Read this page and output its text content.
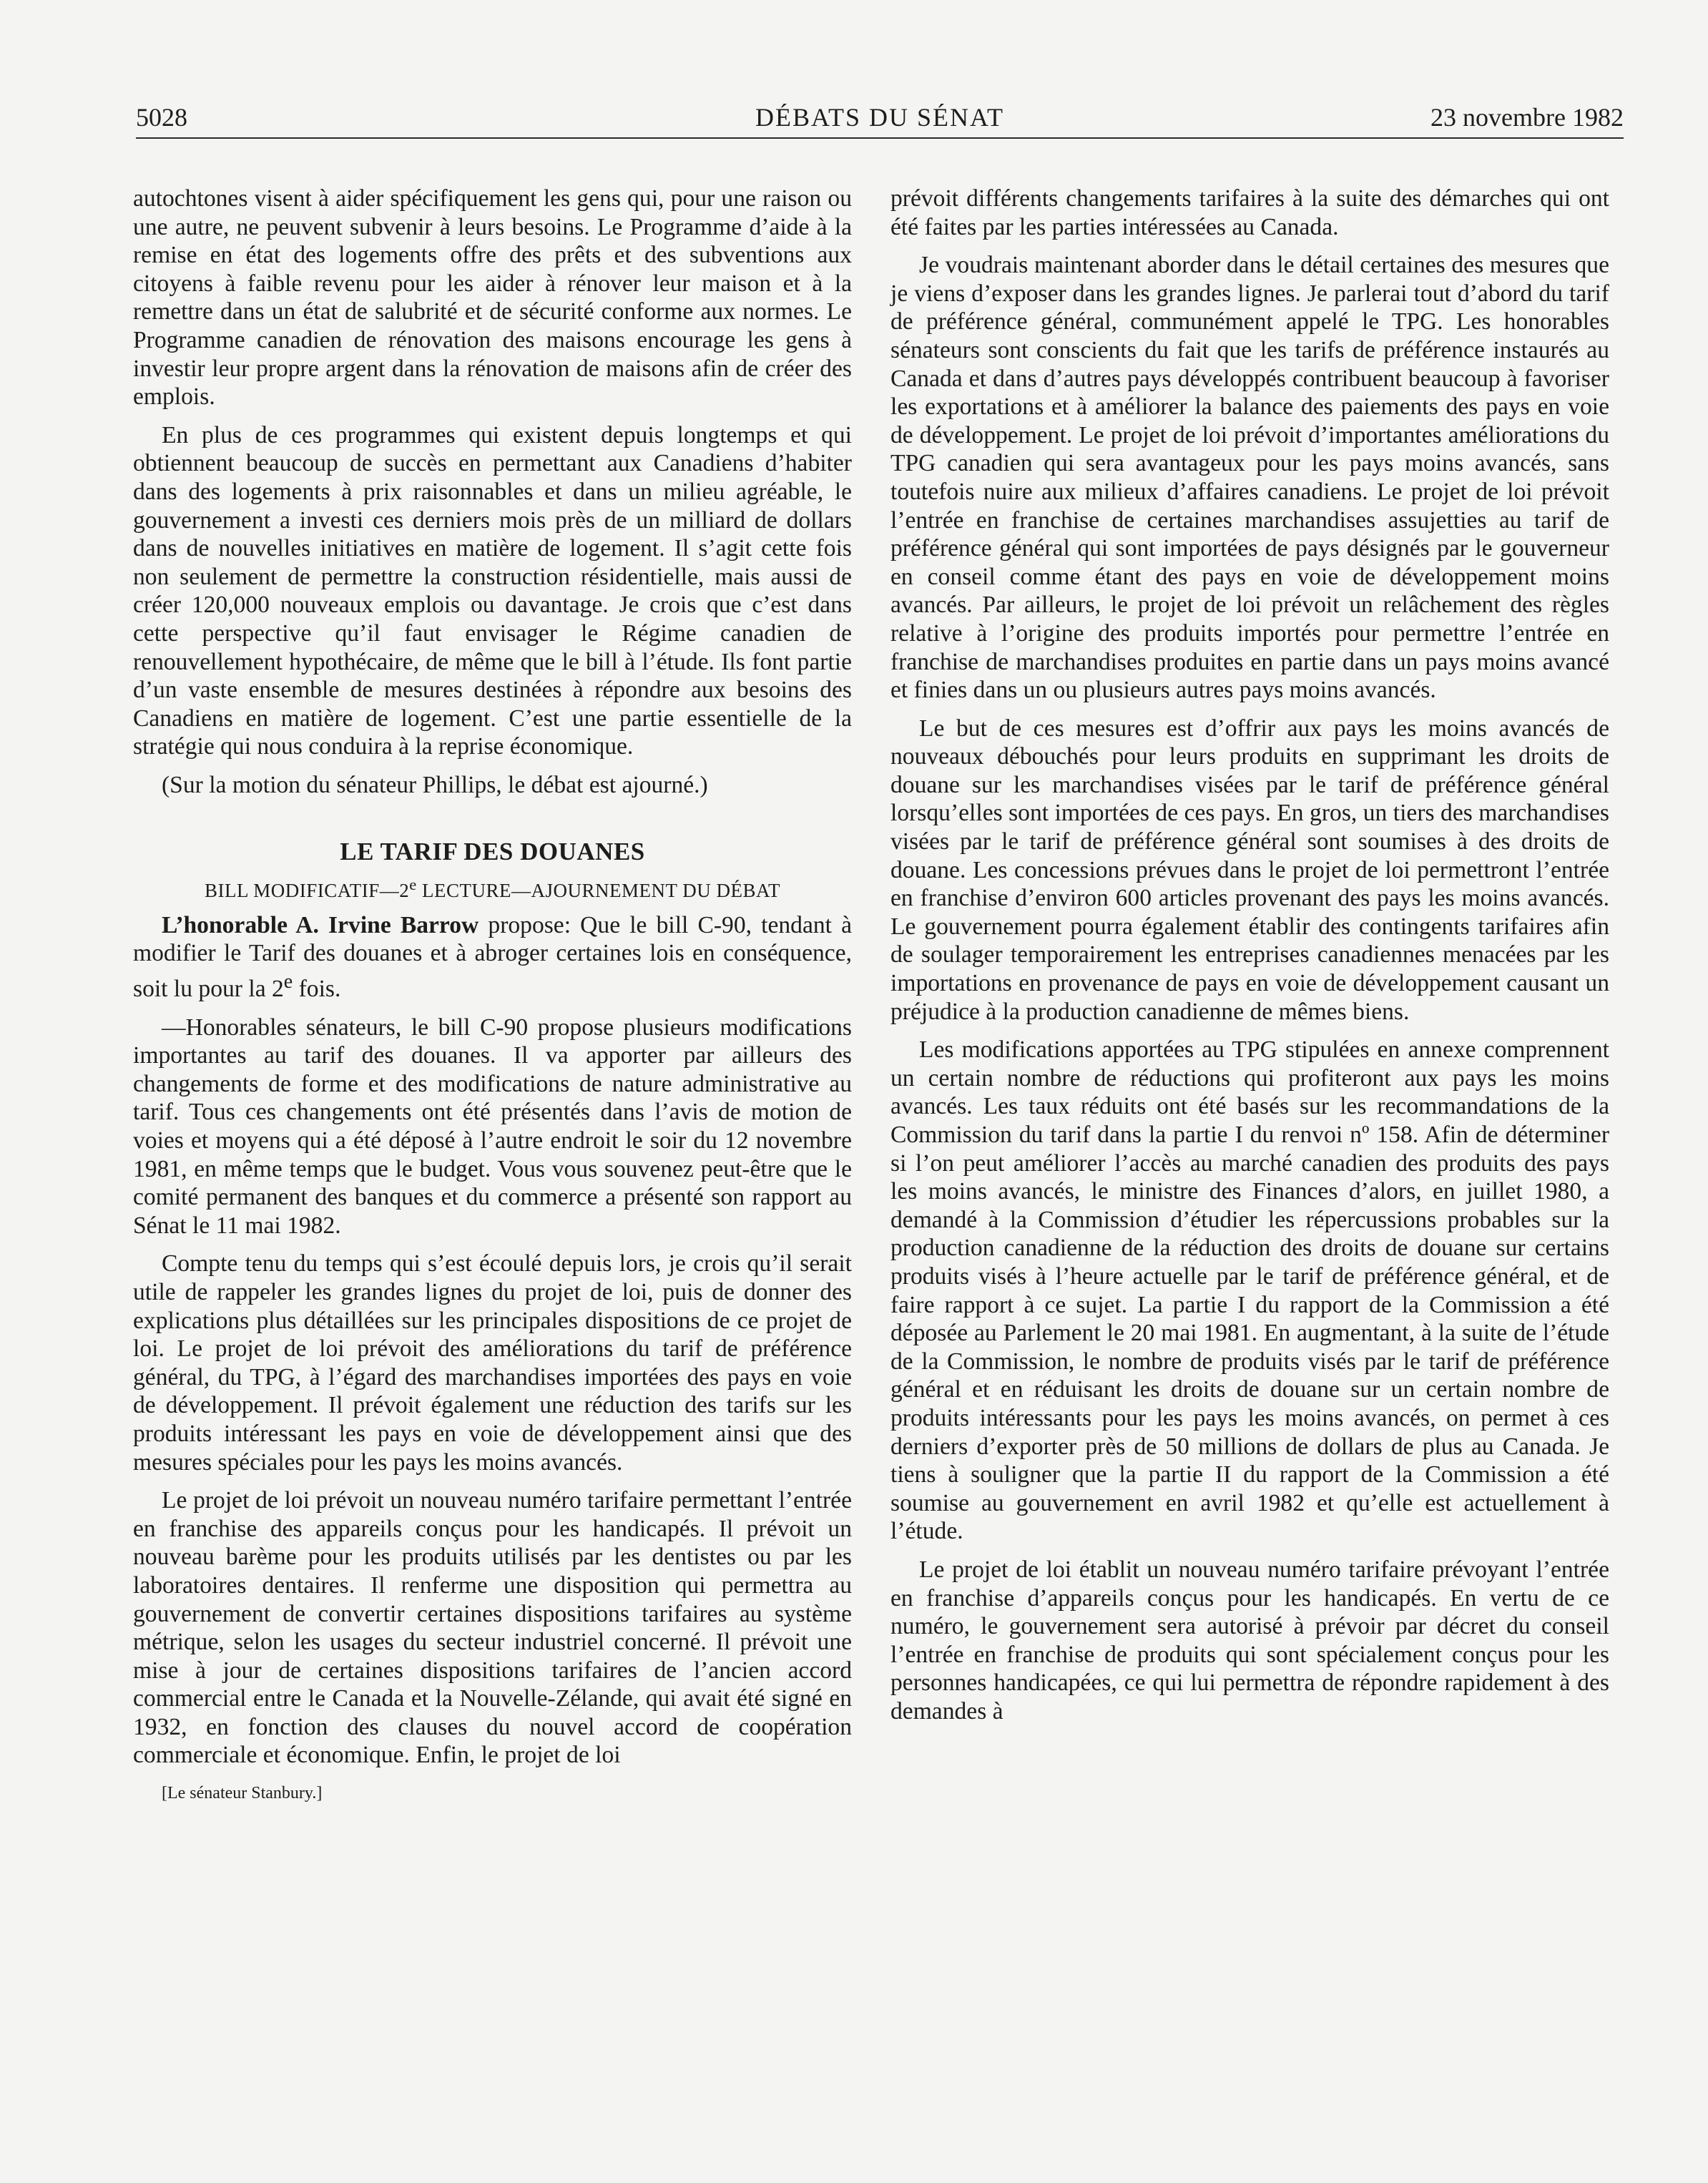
5028	DÉBATS DU SÉNAT	23 novembre 1982

autochtones visent à aider spécifiquement les gens qui, pour une raison ou une autre, ne peuvent subvenir à leurs besoins. Le Programme d’aide à la remise en état des logements offre des prêts et des subventions aux citoyens à faible revenu pour les aider à rénover leur maison et à la remettre dans un état de salubrité et de sécurité conforme aux normes. Le Programme canadien de rénovation des maisons encourage les gens à investir leur propre argent dans la rénovation de maisons afin de créer des emplois.

En plus de ces programmes qui existent depuis longtemps et qui obtiennent beaucoup de succès en permettant aux Canadiens d’habiter dans des logements à prix raisonnables et dans un milieu agréable, le gouvernement a investi ces derniers mois près de un milliard de dollars dans de nouvelles initiatives en matière de logement. Il s’agit cette fois non seulement de permettre la construction résidentielle, mais aussi de créer 120,000 nouveaux emplois ou davantage. Je crois que c’est dans cette perspective qu’il faut envisager le Régime canadien de renouvellement hypothécaire, de même que le bill à l’étude. Ils font partie d’un vaste ensemble de mesures destinées à répondre aux besoins des Canadiens en matière de logement. C’est une partie essentielle de la stratégie qui nous conduira à la reprise économique.

(Sur la motion du sénateur Phillips, le débat est ajourné.)

LE TARIF DES DOUANES
BILL MODIFICATIF—2e LECTURE—AJOURNEMENT DU DÉBAT

L’honorable A. Irvine Barrow propose: Que le bill C-90, tendant à modifier le Tarif des douanes et à abroger certaines lois en conséquence, soit lu pour la 2e fois.

—Honorables sénateurs, le bill C-90 propose plusieurs modifications importantes au tarif des douanes. Il va apporter par ailleurs des changements de forme et des modifications de nature administrative au tarif. Tous ces changements ont été présentés dans l’avis de motion de voies et moyens qui a été déposé à l’autre endroit le soir du 12 novembre 1981, en même temps que le budget. Vous vous souvenez peut-être que le comité permanent des banques et du commerce a présenté son rapport au Sénat le 11 mai 1982.

Compte tenu du temps qui s’est écoulé depuis lors, je crois qu’il serait utile de rappeler les grandes lignes du projet de loi, puis de donner des explications plus détaillées sur les principales dispositions de ce projet de loi. Le projet de loi prévoit des améliorations du tarif de préférence général, du TPG, à l’égard des marchandises importées des pays en voie de développement. Il prévoit également une réduction des tarifs sur les produits intéressant les pays en voie de développement ainsi que des mesures spéciales pour les pays les moins avancés.

Le projet de loi prévoit un nouveau numéro tarifaire permettant l’entrée en franchise des appareils conçus pour les handicapés. Il prévoit un nouveau barème pour les produits utilisés par les dentistes ou par les laboratoires dentaires. Il renferme une disposition qui permettra au gouvernement de convertir certaines dispositions tarifaires au système métrique, selon les usages du secteur industriel concerné. Il prévoit une mise à jour de certaines dispositions tarifaires de l’ancien accord commercial entre le Canada et la Nouvelle-Zélande, qui avait été signé en 1932, en fonction des clauses du nouvel accord de coopération commerciale et économique. Enfin, le projet de loi

[Le sénateur Stanbury.]

prévoit différents changements tarifaires à la suite des démarches qui ont été faites par les parties intéressées au Canada.

Je voudrais maintenant aborder dans le détail certaines des mesures que je viens d’exposer dans les grandes lignes. Je parlerai tout d’abord du tarif de préférence général, communément appelé le TPG. Les honorables sénateurs sont conscients du fait que les tarifs de préférence instaurés au Canada et dans d’autres pays développés contribuent beaucoup à favoriser les exportations et à améliorer la balance des paiements des pays en voie de développement. Le projet de loi prévoit d’importantes améliorations du TPG canadien qui sera avantageux pour les pays moins avancés, sans toutefois nuire aux milieux d’affaires canadiens. Le projet de loi prévoit l’entrée en franchise de certaines marchandises assujetties au tarif de préférence général qui sont importées de pays désignés par le gouverneur en conseil comme étant des pays en voie de développement moins avancés. Par ailleurs, le projet de loi prévoit un relâchement des règles relative à l’origine des produits importés pour permettre l’entrée en franchise de marchandises produites en partie dans un pays moins avancé et finies dans un ou plusieurs autres pays moins avancés.

Le but de ces mesures est d’offrir aux pays les moins avancés de nouveaux débouchés pour leurs produits en supprimant les droits de douane sur les marchandises visées par le tarif de préférence général lorsqu’elles sont importées de ces pays. En gros, un tiers des marchandises visées par le tarif de préférence général sont soumises à des droits de douane. Les concessions prévues dans le projet de loi permettront l’entrée en franchise d’environ 600 articles provenant des pays les moins avancés. Le gouvernement pourra également établir des contingents tarifaires afin de soulager temporairement les entreprises canadiennes menacées par les importations en provenance de pays en voie de développement causant un préjudice à la production canadienne de mêmes biens.

Les modifications apportées au TPG stipulées en annexe comprennent un certain nombre de réductions qui profiteront aux pays les moins avancés. Les taux réduits ont été basés sur les recommandations de la Commission du tarif dans la partie I du renvoi nº 158. Afin de déterminer si l’on peut améliorer l’accès au marché canadien des produits des pays les moins avancés, le ministre des Finances d’alors, en juillet 1980, a demandé à la Commission d’étudier les répercussions probables sur la production canadienne de la réduction des droits de douane sur certains produits visés à l’heure actuelle par le tarif de préférence général, et de faire rapport à ce sujet. La partie I du rapport de la Commission a été déposée au Parlement le 20 mai 1981. En augmentant, à la suite de l’étude de la Commission, le nombre de produits visés par le tarif de préférence général et en réduisant les droits de douane sur un certain nombre de produits intéressants pour les pays les moins avancés, on permet à ces derniers d’exporter près de 50 millions de dollars de plus au Canada. Je tiens à souligner que la partie II du rapport de la Commission a été soumise au gouvernement en avril 1982 et qu’elle est actuellement à l’étude.

Le projet de loi établit un nouveau numéro tarifaire prévoyant l’entrée en franchise d’appareils conçus pour les handicapés. En vertu de ce numéro, le gouvernement sera autorisé à prévoir par décret du conseil l’entrée en franchise de produits qui sont spécialement conçus pour les personnes handicapées, ce qui lui permettra de répondre rapidement à des demandes à
